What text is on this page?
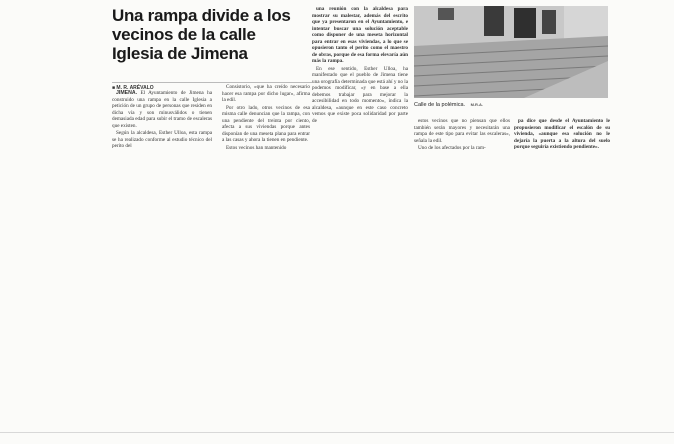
Una rampa divide a los vecinos de la calle Iglesia de Jimena
■ M. R. ARÉVALO

JIMENA. El Ayuntamiento de Jimena ha construido una rampa en la calle Iglesia a petición de un grupo de personas que residen en dicha vía y son minusválidos o tienen demasiada edad para subir el tramo de escaleras que existen.

Según la alcaldesa, Esther Ulloa, esta rampa se ha realizado conforme al estudio técnico del perito del

Consistorio, «que ha creído necesario hacer esa rampa por dicho lugar», afirma la edil.

Por otro lado, otros vecinos de esa misma calle denuncian que la rampa, con una pendiente del treinta por ciento, afecta a sus viviendas porque antes disponían de una meseta plana para entrar a las casas y ahora la tienen en pendiente.

Estos vecinos han mantenido

una reunión con la alcaldesa para mostrar su malestar, además del escrito que ya presentaron en el Ayuntamiento, e intentar buscar una solución aceptable como disponer de una meseta horizontal para entrar en esas viviendas, a lo que se opusieron tanto el perito como el maestro de obras, porque de esa forma elevaría aún más la rampa.

En ese sentido, Esther Ulloa, ha manifestado que el pueblo de Jimena tiene una orografía determinada que está ahí y no la podemos modificar, «y en base a ella debemos trabajar para mejorar la accesibilidad en todo momento», indica la alcaldesa, «aunque en este caso concreto vemos que existe poca solidaridad por parte de

Calle de la polémica. M.R.A.

estos vecinos que no piensan que ellos también serán mayores y necesitarán una rampa de este tipo para evitar las escaleras», señala la edil.

Uno de los afectados por la ram-

pa dice que desde el Ayuntamiento le propusieron modificar el escalón de su vivienda, «aunque esa solución no le dejaría la puerta a la altura del suelo porque seguiría existiendo pendiente».
